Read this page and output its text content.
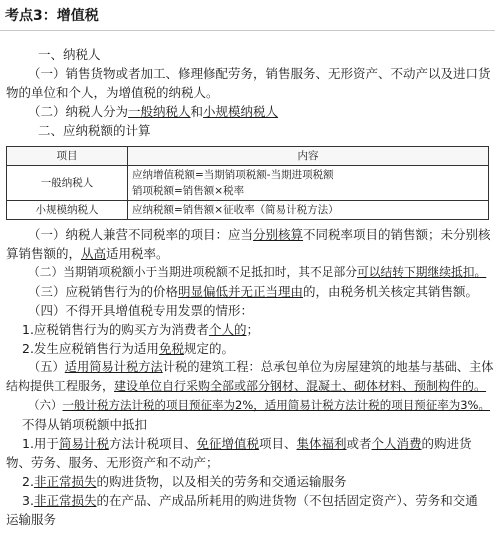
考点3：增值税
一、纳税人
（一）销售货物或者加工、修理修配劳务，销售服务、无形资产、不动产以及进口货
物的单位和个人，为增值税的纳税人。
（二）纳税人分为一般纳税人和小规模纳税人
二、应纳税额的计算
项目	内容
一般纳税人	应纳增值税额=当期销项税额-当期进项税额
销项税额=销售额×税率

小规模纳税人	应纳税额=销售额×征收率（简易计税方法）
（一）纳税人兼营不同税率的项目：应当分别核算不同税率项目的销售额；未分别核
算销售额的，从高适用税率。
（二）当期销项税额小于当期进项税额不足抵扣时，其不足部分可以结转下期继续抵扣。
（三）应税销售行为的价格明显偏低并无正当理由的，由税务机关核定其销售额。
（四）不得开具增值税专用发票的情形：
1.应税销售行为的购买方为消费者个人的；
2.发生应税销售行为适用免税规定的。
（五）适用简易计税方法计税的建筑工程：总承包单位为房屋建筑的地基与基础、主体
结构提供工程服务，建设单位自行采购全部或部分钢材、混凝土、砌体材料、预制构件的。
（六）一般计税方法计税的项目预征率为2%，适用简易计税方法计税的项目预征率为3%。
不得从销项税额中抵扣
1.用于简易计税方法计税项目、免征增值税项目、集体福利或者个人消费的购进货
物、劳务、服务、无形资产和不动产；
2.非正常损失的购进货物，以及相关的劳务和交通运输服务
3.非正常损失的在产品、产成品所耗用的购进货物（不包括固定资产）、劳务和交通
运输服务
